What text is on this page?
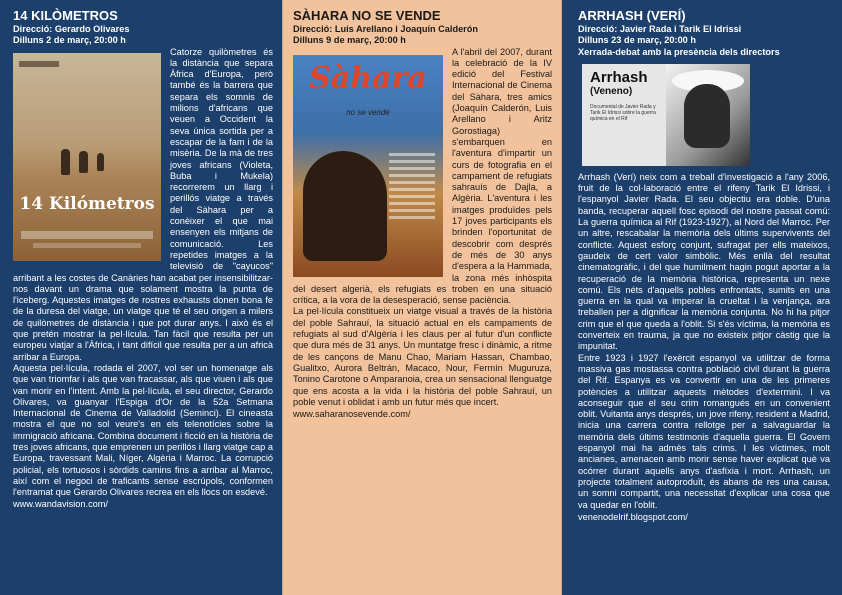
14 KILÒMETROS
Direcció: Gerardo Olivares
Dilluns 2 de març, 20:00 h
14 Kilómetros

Catorze quilòmetres és la distància que separa Àfrica d'Europa, però també és la barrera que separa els somnis de milions d'africans que veuen a Occident la seva única sortida per a escapar de la fam i de la misèria. De la mà de tres joves africans (Violeta, Buba i Mukela) recorrerem un llarg i perillós viatge a través del Sàhara per a conèixer el que mai ensenyen els mitjans de comunicació. Les repetides imatges a la televisió de "cayucos" arribant a les costes de Canàries han acabat per insensibilitzar-nos davant un drama que solament mostra la punta de l'iceberg. Aquestes imatges de rostres exhausts donen bona fe de la duresa del viatge, un viatge que té el seu origen a milers de quilòmetres de distància i que pot durar anys. I això és el que pretén mostrar la pel·lícula. Tan fàcil que resulta per un europeu viatjar a l'Àfrica, i tant difícil que resulta per a un africà arribar a Europa.

Aquesta pel·lícula, rodada el 2007, vol ser un homenatge als que van triomfar i als que van fracassar, als que viuen i als que van morir en l'intent. Amb la pel·lícula, el seu director, Gerardo Olivares, va guanyar l'Espiga d'Or de la 52a Setmana Internacional de Cinema de Valladolid (Seminci). El cineasta mostra el que no sol veure's en els telenotícies sobre la immigració africana. Combina document i ficció en la història de tres joves africans, que emprenen un perillós i llarg viatge cap a Europa, travessant Mali, Níger, Algèria i Marroc. La corrupció policial, els tortuosos i sòrdids camins fins a arribar al Marroc, així com el negoci de traficants sense escrúpols, conformen l'entramat que Gerardo Olivares recrea en els llocs on esdevé.

www.wandavision.com/
SÀHARA NO SE VENDE
Direcció: Luis Arellano i Joaquín Calderón
Dilluns 9 de març, 20:00 h
Sàhara
no se vende

A l'abril del 2007, durant la celebració de la IV edició del Festival Internacional de Cinema del Sàhara, tres amics (Joaquín Calderón, Luis Arellano i Aritz Gorostiaga) s'embarquen en l'aventura d'impartir un curs de fotografia en el campament de refugiats sahrauís de Dajla, a Algèria. L'aventura i les imatges produïdes pels 17 joves participants els brinden l'oportunitat de descobrir com després de més de 30 anys d'espera a la Hammada, la zona més inhòspita del desert algerià, els refugiats es troben en una situació crítica, a la vora de la desesperació, sense paciència.

La pel·lícula constitueix un viatge visual a través de la història del poble Sahrauí, la situació actual en els campaments de refugiats al sud d'Algèria i les claus per al futur d'un conflicte que dura més de 31 anys. Un muntatge fresc i dinàmic, a ritme de les cançons de Manu Chao, Mariam Hassan, Chambao, Gualitxo, Aurora Beltrán, Macaco, Nour, Fermín Muguruza, Tonino Carotone o Amparanoia, crea un sensacional llenguatge que ens acosta a la vida i la història del poble Sahrauí, un poble venut i oblidat i amb un futur més que incert.

www.saharanosevende.com/
ARRHASH (VERÍ)
Direcció: Javier Rada i Tarik El Idrissi
Dilluns 23 de març, 20:00 h
Xerrada-debat amb la presència dels directors
Arrhash
(Veneno)
Documental de Javier Rada y Tarik El Idrissi sobre la guerra química en el Rif

Arrhash (Verí) neix com a treball d'investigació a l'any 2006, fruit de la col·laboració entre el rifeny Tarik El Idrissi, i l'espanyol Javier Rada. El seu objectiu era doble. D'una banda, recuperar aquell fosc episodi del nostre passat comú: La guerra química al Rif (1923-1927), al Nord del Marroc. Per un altre, rescabalar la memòria dels últims supervivents del conflicte. Aquest esforç conjunt, sufragat per ells mateixos, gaudeix de cert valor simbòlic. Més enllà del resultat cinematogràfic, i del que humilment hagin pogut aportar a la recuperació de la memòria històrica, representa un nexe comú. Els néts d'aquells pobles enfrontats, sumits en una guerra en la qual va imperar la crueltat i la venjança, ara treballen per a dignificar la memòria conjunta. No hi ha pitjor crim que el que queda a l'oblit. Si s'és víctima, la memòria es converteix en trauma, ja que no existeix pitjor càstig que la impunitat.

Entre 1923 i 1927 l'exèrcit espanyol va utilitzar de forma massiva gas mostassa contra població civil durant la guerra del Rif. Espanya es va convertir en una de les primeres potències a utilitzar aquests mètodes d'extermini. I va aconseguir que el seu crim romangués en un convenient oblit. Vuitanta anys després, un jove rifeny, resident a Madrid, inicia una carrera contra rellotge per a salvaguardar la memòria dels últims testimonis d'aquella guerra. El Govern espanyol mai ha admès tals crims. I les víctimes, molt ancianes, amenacen amb morir sense haver explicat què va ocórrer durant aquells anys d'asfíxia i mort. Arrhash, un projecte totalment autoproduït, és abans de res una causa, un somni compartit, una necessitat d'explicar una cosa que va quedar en l'oblit.

venenodelrif.blogspot.com/
